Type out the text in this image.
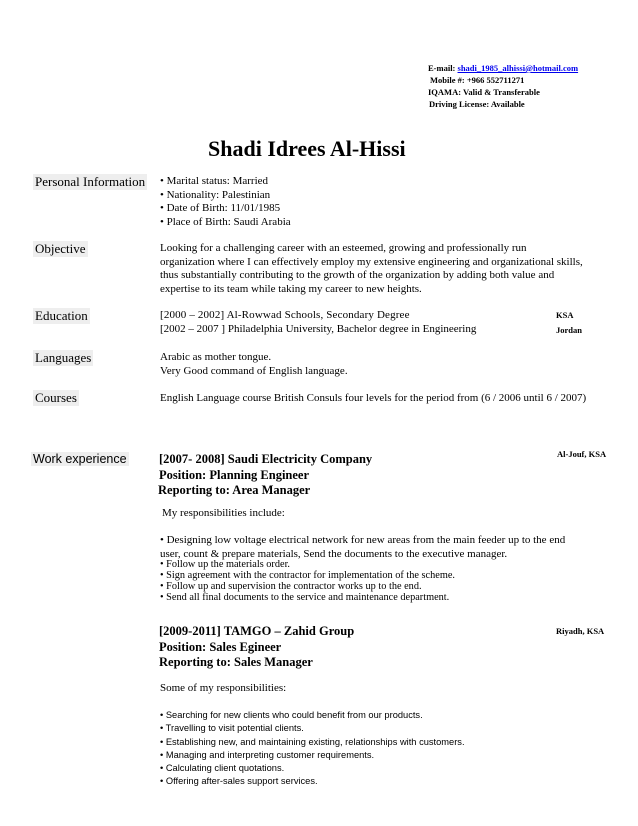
E-mail: shadi_1985_alhissi@hotmail.com
Mobile #: +966 552711271
IQAMA: Valid & Transferable
Driving License: Available
Shadi Idrees Al-Hissi
Personal Information • Marital status: Married
• Nationality: Palestinian
• Date of Birth: 11/01/1985
• Place of Birth: Saudi Arabia
Objective	Looking for a challenging career with an esteemed, growing and professionally run
organization where I can effectively employ my extensive engineering and organizational skills,
thus substantially contributing to the growth of the organization by adding both value and
expertise to its team while taking my career to new heights.
Education	[2000 – 2002] Al-Rowwad Schools, Secondary Degree	KSA
[2002 – 2007 ] Philadelphia University, Bachelor degree in Engineering	Jordan
Languages	Arabic as mother tongue.
Very Good command of English language.
Courses	English Language course British Consuls four levels for the period from (6 / 2006 until 6 / 2007)
Work experience	[2007- 2008] Saudi Electricity Company
Position: Planning Engineer
Reporting to: Area Manager
Al-Jouf, KSA
My responsibilities include:
• Designing low voltage electrical network for new areas from the main feeder up to the end
user, count & prepare materials, Send the documents to the executive manager.
• Follow up the materials order.
• Sign agreement with the contractor for implementation of the scheme.
• Follow up and supervision the contractor works up to the end.
• Send all final documents to the service and maintenance department.
[2009-2011] TAMGO – Zahid Group
Position: Sales Egineer
Reporting to: Sales Manager
Riyadh, KSA
Some of my responsibilities:
• Searching for new clients who could benefit from our products.
• Travelling to visit potential clients.
• Establishing new, and maintaining existing, relationships with customers.
• Managing and interpreting customer requirements.
• Calculating client quotations.
• Offering after-sales support services.
